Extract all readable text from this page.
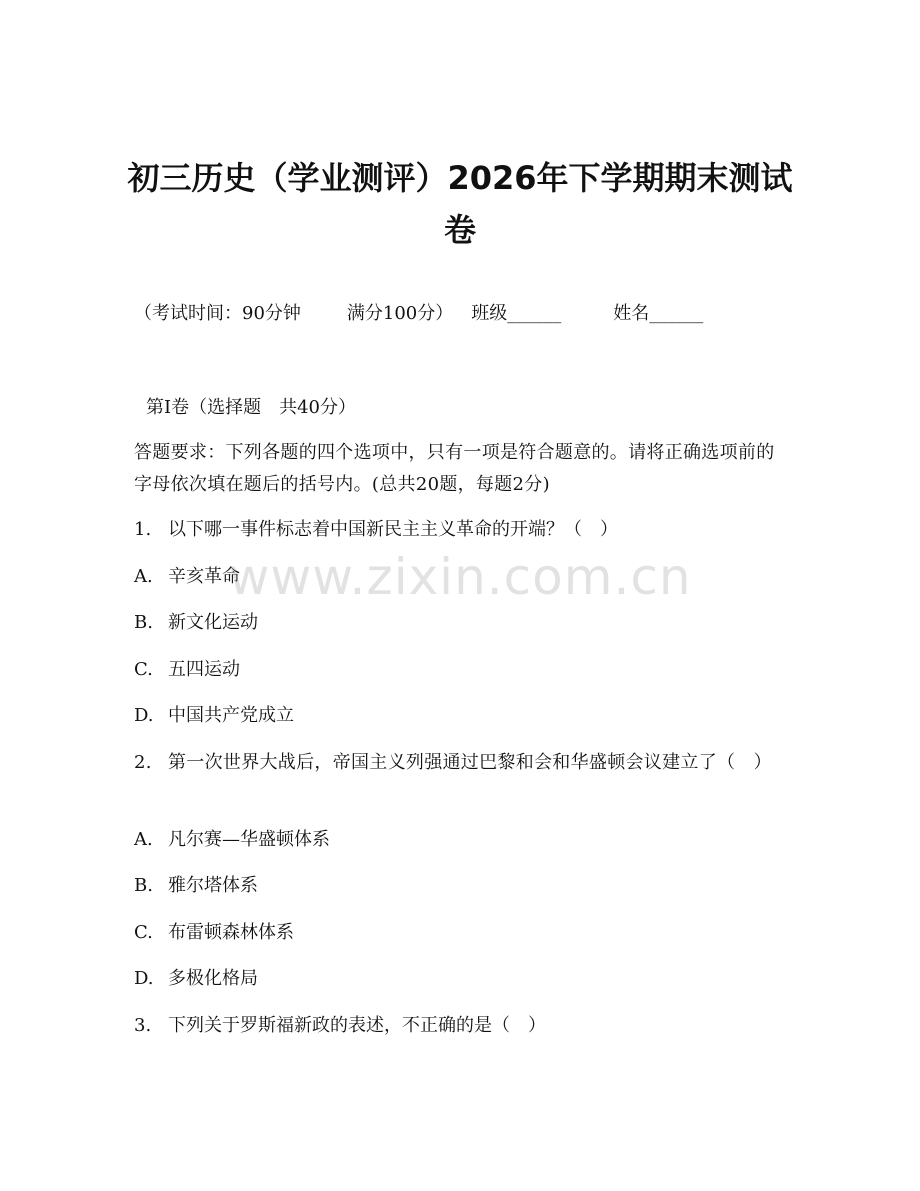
初三历史（学业测评）2026年下学期期末测试卷
（考试时间：90分钟	满分100分） 班级______	姓名______
第Ⅰ卷（选择题　共40分）
答题要求：下列各题的四个选项中，只有一项是符合题意的。请将正确选项前的字母依次填在题后的括号内。(总共20题，每题2分)
1. 以下哪一事件标志着中国新民主主义革命的开端？（　）
A. 辛亥革命
B. 新文化运动
C. 五四运动
D. 中国共产党成立
2. 第一次世界大战后，帝国主义列强通过巴黎和会和华盛顿会议建立了（　）
A. 凡尔赛—华盛顿体系
B. 雅尔塔体系
C. 布雷顿森林体系
D. 多极化格局
3. 下列关于罗斯福新政的表述，不正确的是（　）
www.zixin.com.cn
